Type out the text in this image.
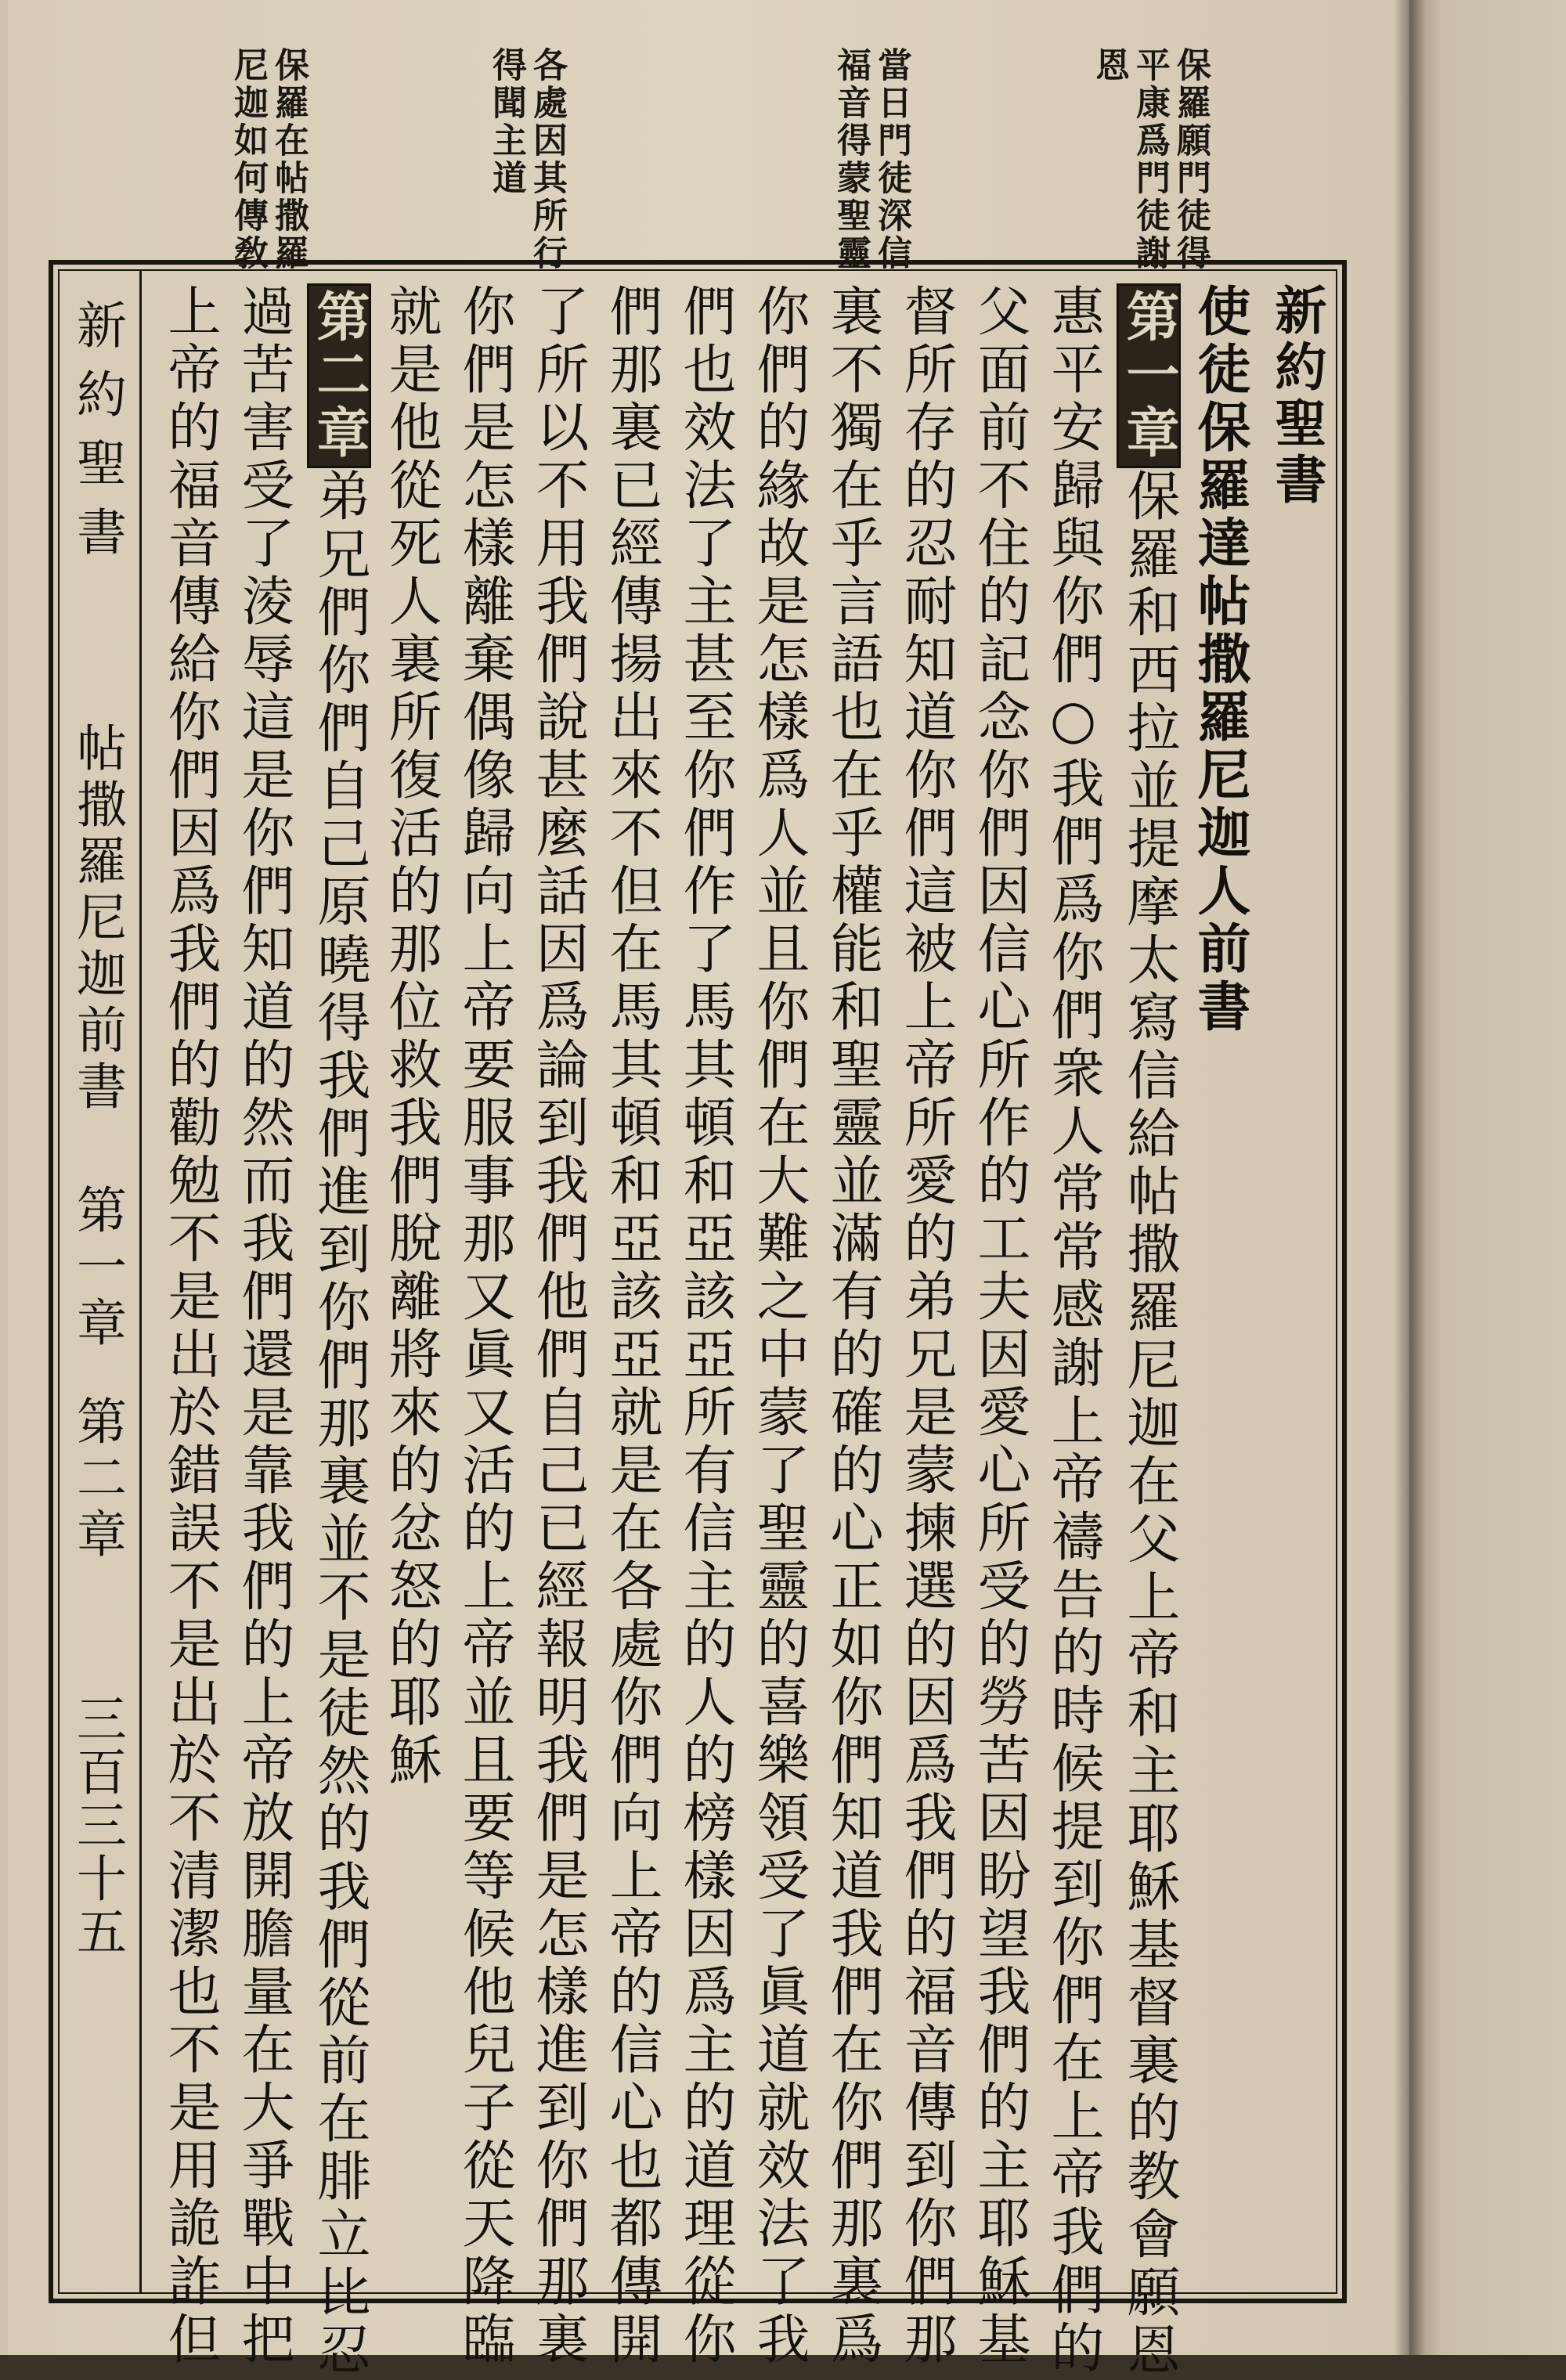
保羅願門徒得平康爲門徒謝恩
當日門徒深信福音得蒙聖靈
各處因其所行得聞主道
保羅在帖撒羅尼迦如何傳敎
新約聖書
使徒保羅達帖撒羅尼迦人前書
第一章保羅和西拉並提摩太寫信給帖撒羅尼迦在父上帝和主耶穌基督裏的教會願恩
惠平安歸與你們○我們爲你們衆人常常感謝上帝禱告的時候提到你們在上帝我們的
父面前不住的記念你們因信心所作的工夫因愛心所受的勞苦因盼望我們的主耶穌基
督所存的忍耐知道你們這被上帝所愛的弟兄是蒙揀選的因爲我們的福音傳到你們那
裏不獨在乎言語也在乎權能和聖靈並滿有的確的心正如你們知道我們在你們那裏爲
你們的緣故是怎樣爲人並且你們在大難之中蒙了聖靈的喜樂領受了眞道就效法了我
們也效法了主甚至你們作了馬其頓和亞該亞所有信主的人的榜樣因爲主的道理從你
們那裏已經傳揚出來不但在馬其頓和亞該亞就是在各處你們向上帝的信心也都傳開
了所以不用我們說甚麼話因爲論到我們他們自己已經報明我們是怎樣進到你們那裏
你們是怎樣離棄偶像歸向上帝要服事那又眞又活的上帝並且要等候他兒子從天降臨
就是他從死人裏所復活的那位救我們脫離將來的忿怒的耶穌
第二章弟兄們你們自己原曉得我們進到你們那裏並不是徒然的我們從前在腓立比忍
過苦害受了淩辱這是你們知道的然而我們還是靠我們的上帝放開膽量在大爭戰中把
上帝的福音傳給你們因爲我們的勸勉不是出於錯誤不是出於不清潔也不是用詭詐但
新約聖書
帖撒羅尼迦前書
第一章
第二章
三百三十五
